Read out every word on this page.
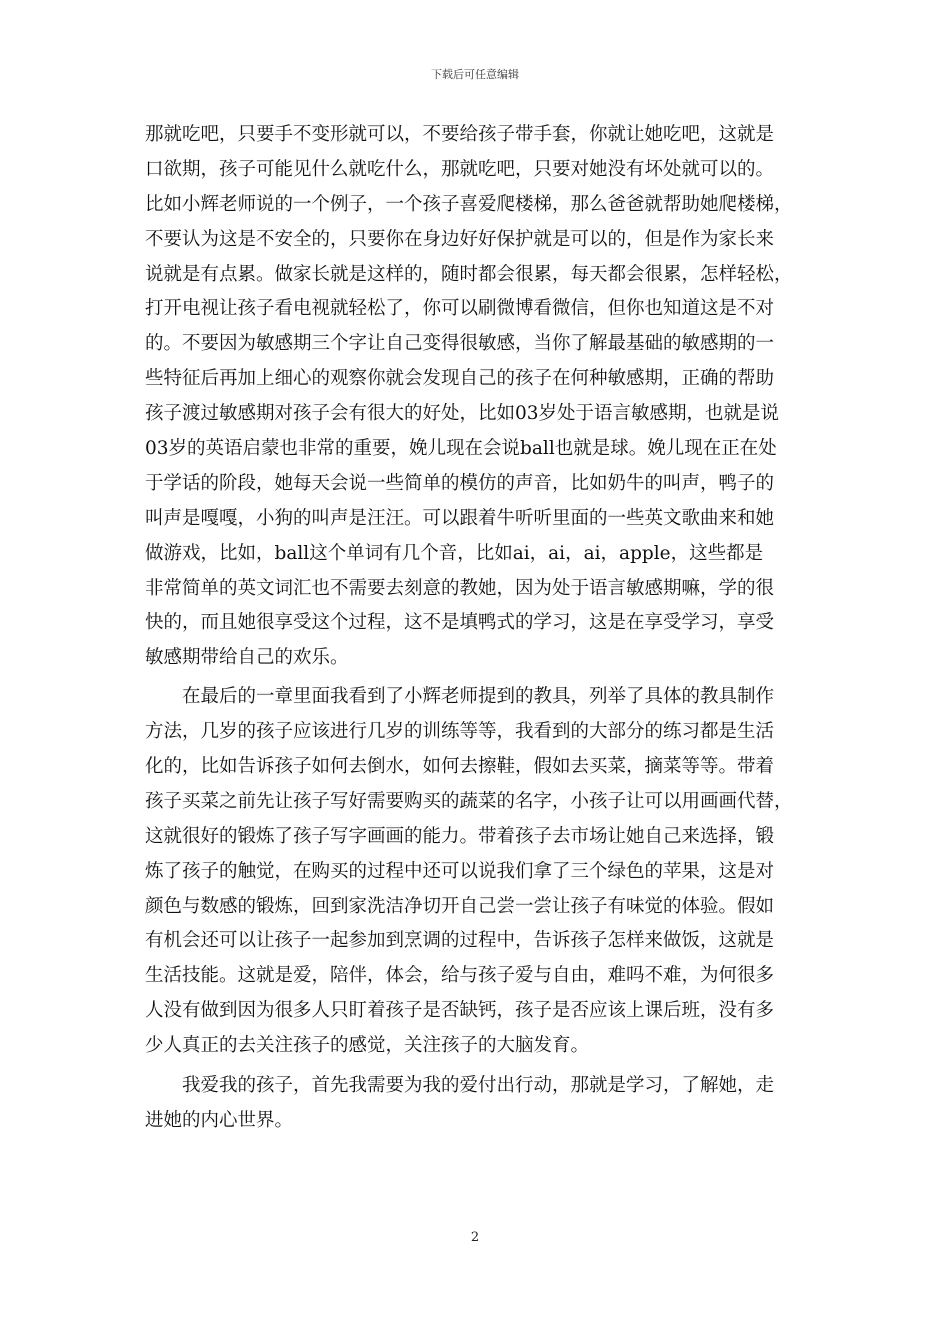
下载后可任意编辑
那就吃吧，只要手不变形就可以，不要给孩子带手套，你就让她吃吧，这就是
口欲期，孩子可能见什么就吃什么，那就吃吧，只要对她没有坏处就可以的。
比如小辉老师说的一个例子，一个孩子喜爱爬楼梯，那么爸爸就帮助她爬楼梯，
不要认为这是不安全的，只要你在身边好好保护就是可以的，但是作为家长来
说就是有点累。做家长就是这样的，随时都会很累，每天都会很累，怎样轻松，
打开电视让孩子看电视就轻松了，你可以刷微博看微信，但你也知道这是不对
的。不要因为敏感期三个字让自己变得很敏感，当你了解最基础的敏感期的一
些特征后再加上细心的观察你就会发现自己的孩子在何种敏感期，正确的帮助
孩子渡过敏感期对孩子会有很大的好处，比如03岁处于语言敏感期，也就是说
03岁的英语启蒙也非常的重要，娩儿现在会说ball也就是球。娩儿现在正在处
于学话的阶段，她每天会说一些简单的模仿的声音，比如奶牛的叫声，鸭子的
叫声是嘎嘎，小狗的叫声是汪汪。可以跟着牛听听里面的一些英文歌曲来和她
做游戏，比如，ball这个单词有几个音，比如ai，ai，ai，apple，这些都是
非常简单的英文词汇也不需要去刻意的教她，因为处于语言敏感期嘛，学的很
快的，而且她很享受这个过程，这不是填鸭式的学习，这是在享受学习，享受
敏感期带给自己的欢乐。
　　在最后的一章里面我看到了小辉老师提到的教具，列举了具体的教具制作
方法，几岁的孩子应该进行几岁的训练等等，我看到的大部分的练习都是生活
化的，比如告诉孩子如何去倒水，如何去擦鞋，假如去买菜，摘菜等等。带着
孩子买菜之前先让孩子写好需要购买的蔬菜的名字，小孩子让可以用画画代替，
这就很好的锻炼了孩子写字画画的能力。带着孩子去市场让她自己来选择，锻
炼了孩子的触觉，在购买的过程中还可以说我们拿了三个绿色的苹果，这是对
颜色与数感的锻炼，回到家洗洁净切开自己尝一尝让孩子有味觉的体验。假如
有机会还可以让孩子一起参加到烹调的过程中，告诉孩子怎样来做饭，这就是
生活技能。这就是爱，陪伴，体会，给与孩子爱与自由，难吗不难，为何很多
人没有做到因为很多人只盯着孩子是否缺钙，孩子是否应该上课后班，没有多
少人真正的去关注孩子的感觉，关注孩子的大脑发育。
　　我爱我的孩子，首先我需要为我的爱付出行动，那就是学习，了解她，走
进她的内心世界。
2
